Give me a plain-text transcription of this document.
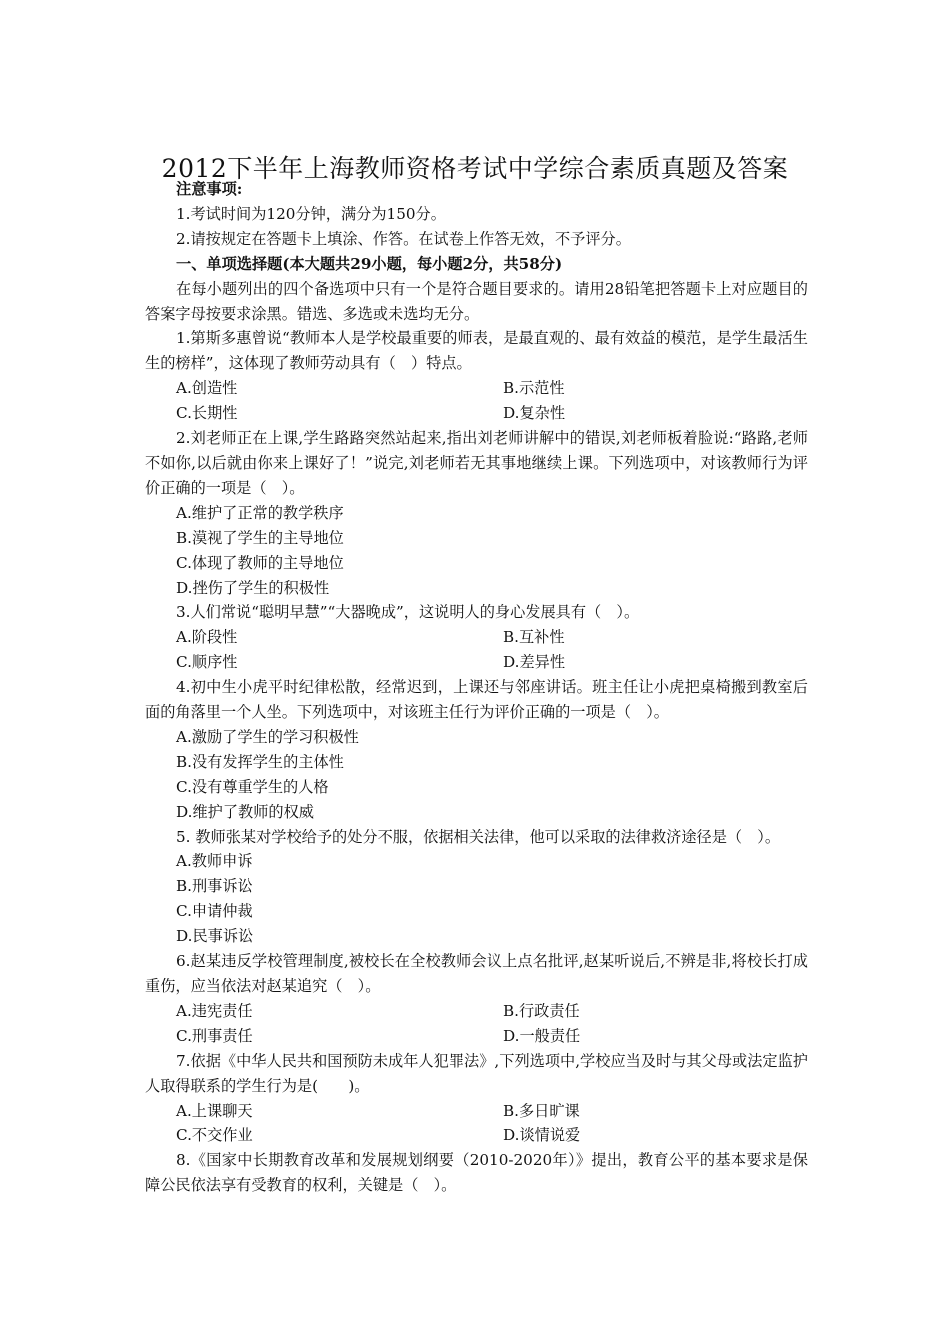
2012下半年上海教师资格考试中学综合素质真题及答案

注意事项:

1.考试时间为120分钟，满分为150分。

2.请按规定在答题卡上填涂、作答。在试卷上作答无效，不予评分。

一、单项选择题(本大题共29小题，每小题2分，共58分)

在每小题列出的四个备选项中只有一个是符合题目要求的。请用28铅笔把答题卡上对应题目的答案字母按要求涂黑。错选、多选或未选均无分。

1.第斯多惠曾说“教师本人是学校最重要的师表，是最直观的、最有效益的模范，是学生最活生生的榜样”，这体现了教师劳动具有（　）特点。

A.创造性	B.示范性
C.长期性	D.复杂性

2.刘老师正在上课,学生路路突然站起来,指出刘老师讲解中的错误,刘老师板着脸说:“路路,老师不如你,以后就由你来上课好了！”说完,刘老师若无其事地继续上课。下列选项中，对该教师行为评价正确的一项是（　）。

A.维护了正常的教学秩序

B.漠视了学生的主导地位

C.体现了教师的主导地位

D.挫伤了学生的积极性

3.人们常说“聪明早慧”“大器晚成”，这说明人的身心发展具有（　）。

A.阶段性	B.互补性
C.顺序性	D.差异性

4.初中生小虎平时纪律松散，经常迟到，上课还与邻座讲话。班主任让小虎把桌椅搬到教室后面的角落里一个人坐。下列选项中，对该班主任行为评价正确的一项是（　）。

A.激励了学生的学习积极性

B.没有发挥学生的主体性

C.没有尊重学生的人格

D.维护了教师的权威

5. 教师张某对学校给予的处分不服，依据相关法律，他可以采取的法律救济途径是（　）。

A.教师申诉

B.刑事诉讼

C.申请仲裁

D.民事诉讼

6.赵某违反学校管理制度,被校长在全校教师会议上点名批评,赵某听说后,不辨是非,将校长打成重伤，应当依法对赵某追究（　）。

A.违宪责任	B.行政责任
C.刑事责任	D.一般责任

7.依据《中华人民共和国预防未成年人犯罪法》,下列选项中,学校应当及时与其父母或法定监护人取得联系的学生行为是(　　)。

A.上课聊天	B.多日旷课
C.不交作业	D.谈情说爱

8.《国家中长期教育改革和发展规划纲要（2010-2020年）》提出，教育公平的基本要求是保障公民依法享有受教育的权利，关键是（　）。
